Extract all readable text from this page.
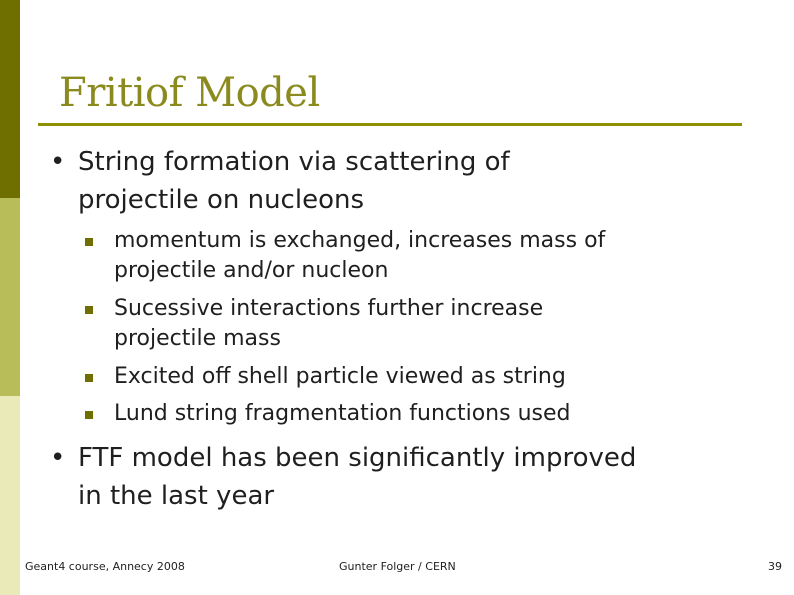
Fritiof Model
• String formation via scattering of
projectile on nucleons
momentum is exchanged, increases mass of
projectile and/or nucleon
Sucessive interactions further increase
projectile mass
Excited off shell particle viewed as string
Lund string fragmentation functions used
• FTF model has been significantly improved
in the last year
Geant4 course, Annecy 2008	Gunter Folger / CERN	39
